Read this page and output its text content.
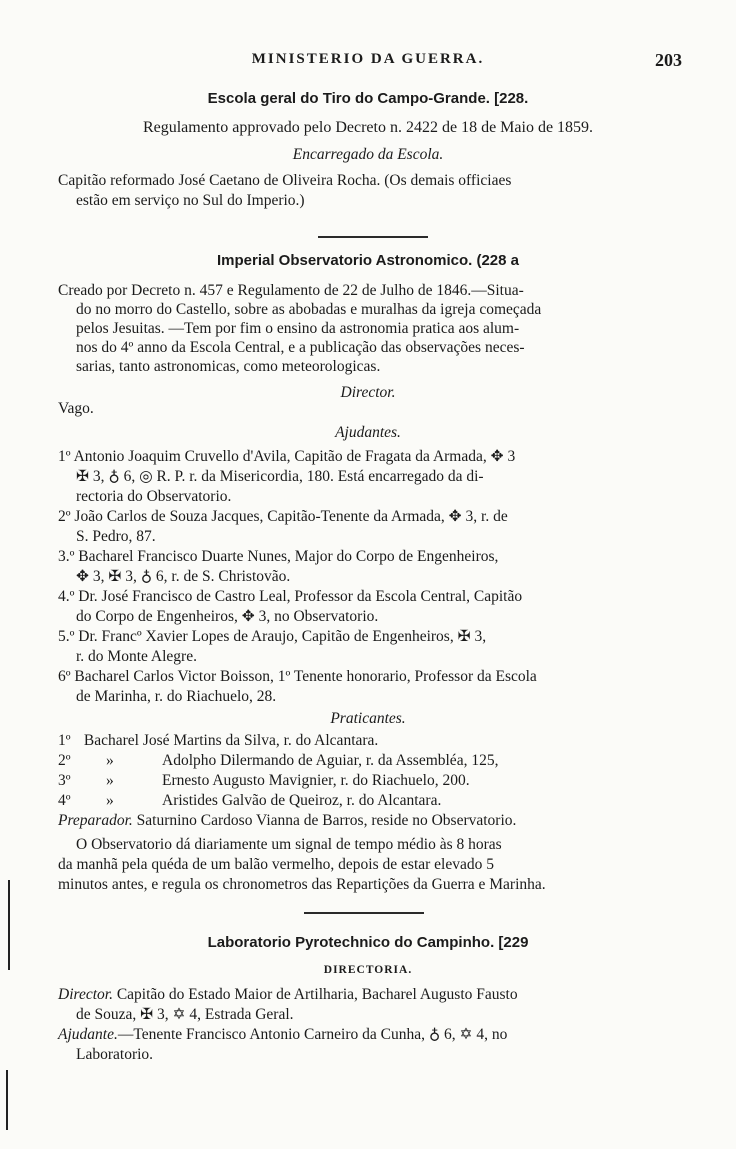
MINISTERIO DA GUERRA.	203
Escola geral do Tiro do Campo-Grande. [228.
Regulamento approvado pelo Decreto n. 2422 de 18 de Maio de 1859.
Encarregado da Escola.
Capitão reformado José Caetano de Oliveira Rocha. (Os demais officiaes
estão em serviço no Sul do Imperio.)
Imperial Observatorio Astronomico. (228 a
Creado por Decreto n. 457 e Regulamento de 22 de Julho de 1846.—Situa-
do no morro do Castello, sobre as abobadas e muralhas da igreja começada
pelos Jesuitas. —Tem por fim o ensino da astronomia pratica aos alum-
nos do 4º anno da Escola Central, e a publicação das observações neces-
sarias, tanto astronomicas, como meteorologicas.
Director.
Vago.
Ajudantes.
1º Antonio Joaquim Cruvello d'Avila, Capitão de Fragata da Armada, ✥ 3
✠ 3, ♁ 6, ◎ R. P. r. da Misericordia, 180. Está encarregado da di-
rectoria do Observatorio.
2º João Carlos de Souza Jacques, Capitão-Tenente da Armada, ✥ 3, r. de
S. Pedro, 87.
3.º Bacharel Francisco Duarte Nunes, Major do Corpo de Engenheiros,
✥ 3, ✠ 3, ♁ 6, r. de S. Christovão.
4.º Dr. José Francisco de Castro Leal, Professor da Escola Central, Capitão
do Corpo de Engenheiros, ✥ 3, no Observatorio.
5.º Dr. Francº Xavier Lopes de Araujo, Capitão de Engenheiros, ✠ 3,
r. do Monte Alegre.
6º Bacharel Carlos Victor Boisson, 1º Tenente honorario, Professor da Escola
de Marinha, r. do Riachuelo, 28.
Praticantes.
1º Bacharel José Martins da Silva, r. do Alcantara.
2º »	Adolpho Dilermando de Aguiar, r. da Assembléa, 125,
3º »	Ernesto Augusto Mavignier, r. do Riachuelo, 200.
4º »	Aristides Galvão de Queiroz, r. do Alcantara.
Preparador. Saturnino Cardoso Vianna de Barros, reside no Observatorio.
O Observatorio dá diariamente um signal de tempo médio às 8 horas
da manhã pela quéda de um balão vermelho, depois de estar elevado 5
minutos antes, e regula os chronometros das Repartições da Guerra e Marinha.
Laboratorio Pyrotechnico do Campinho. [229
DIRECTORIA.
Director. Capitão do Estado Maior de Artilharia, Bacharel Augusto Fausto
de Souza, ✠ 3, ✡ 4, Estrada Geral.
Ajudante.—Tenente Francisco Antonio Carneiro da Cunha, ♁ 6, ✡ 4, no
Laboratorio.
